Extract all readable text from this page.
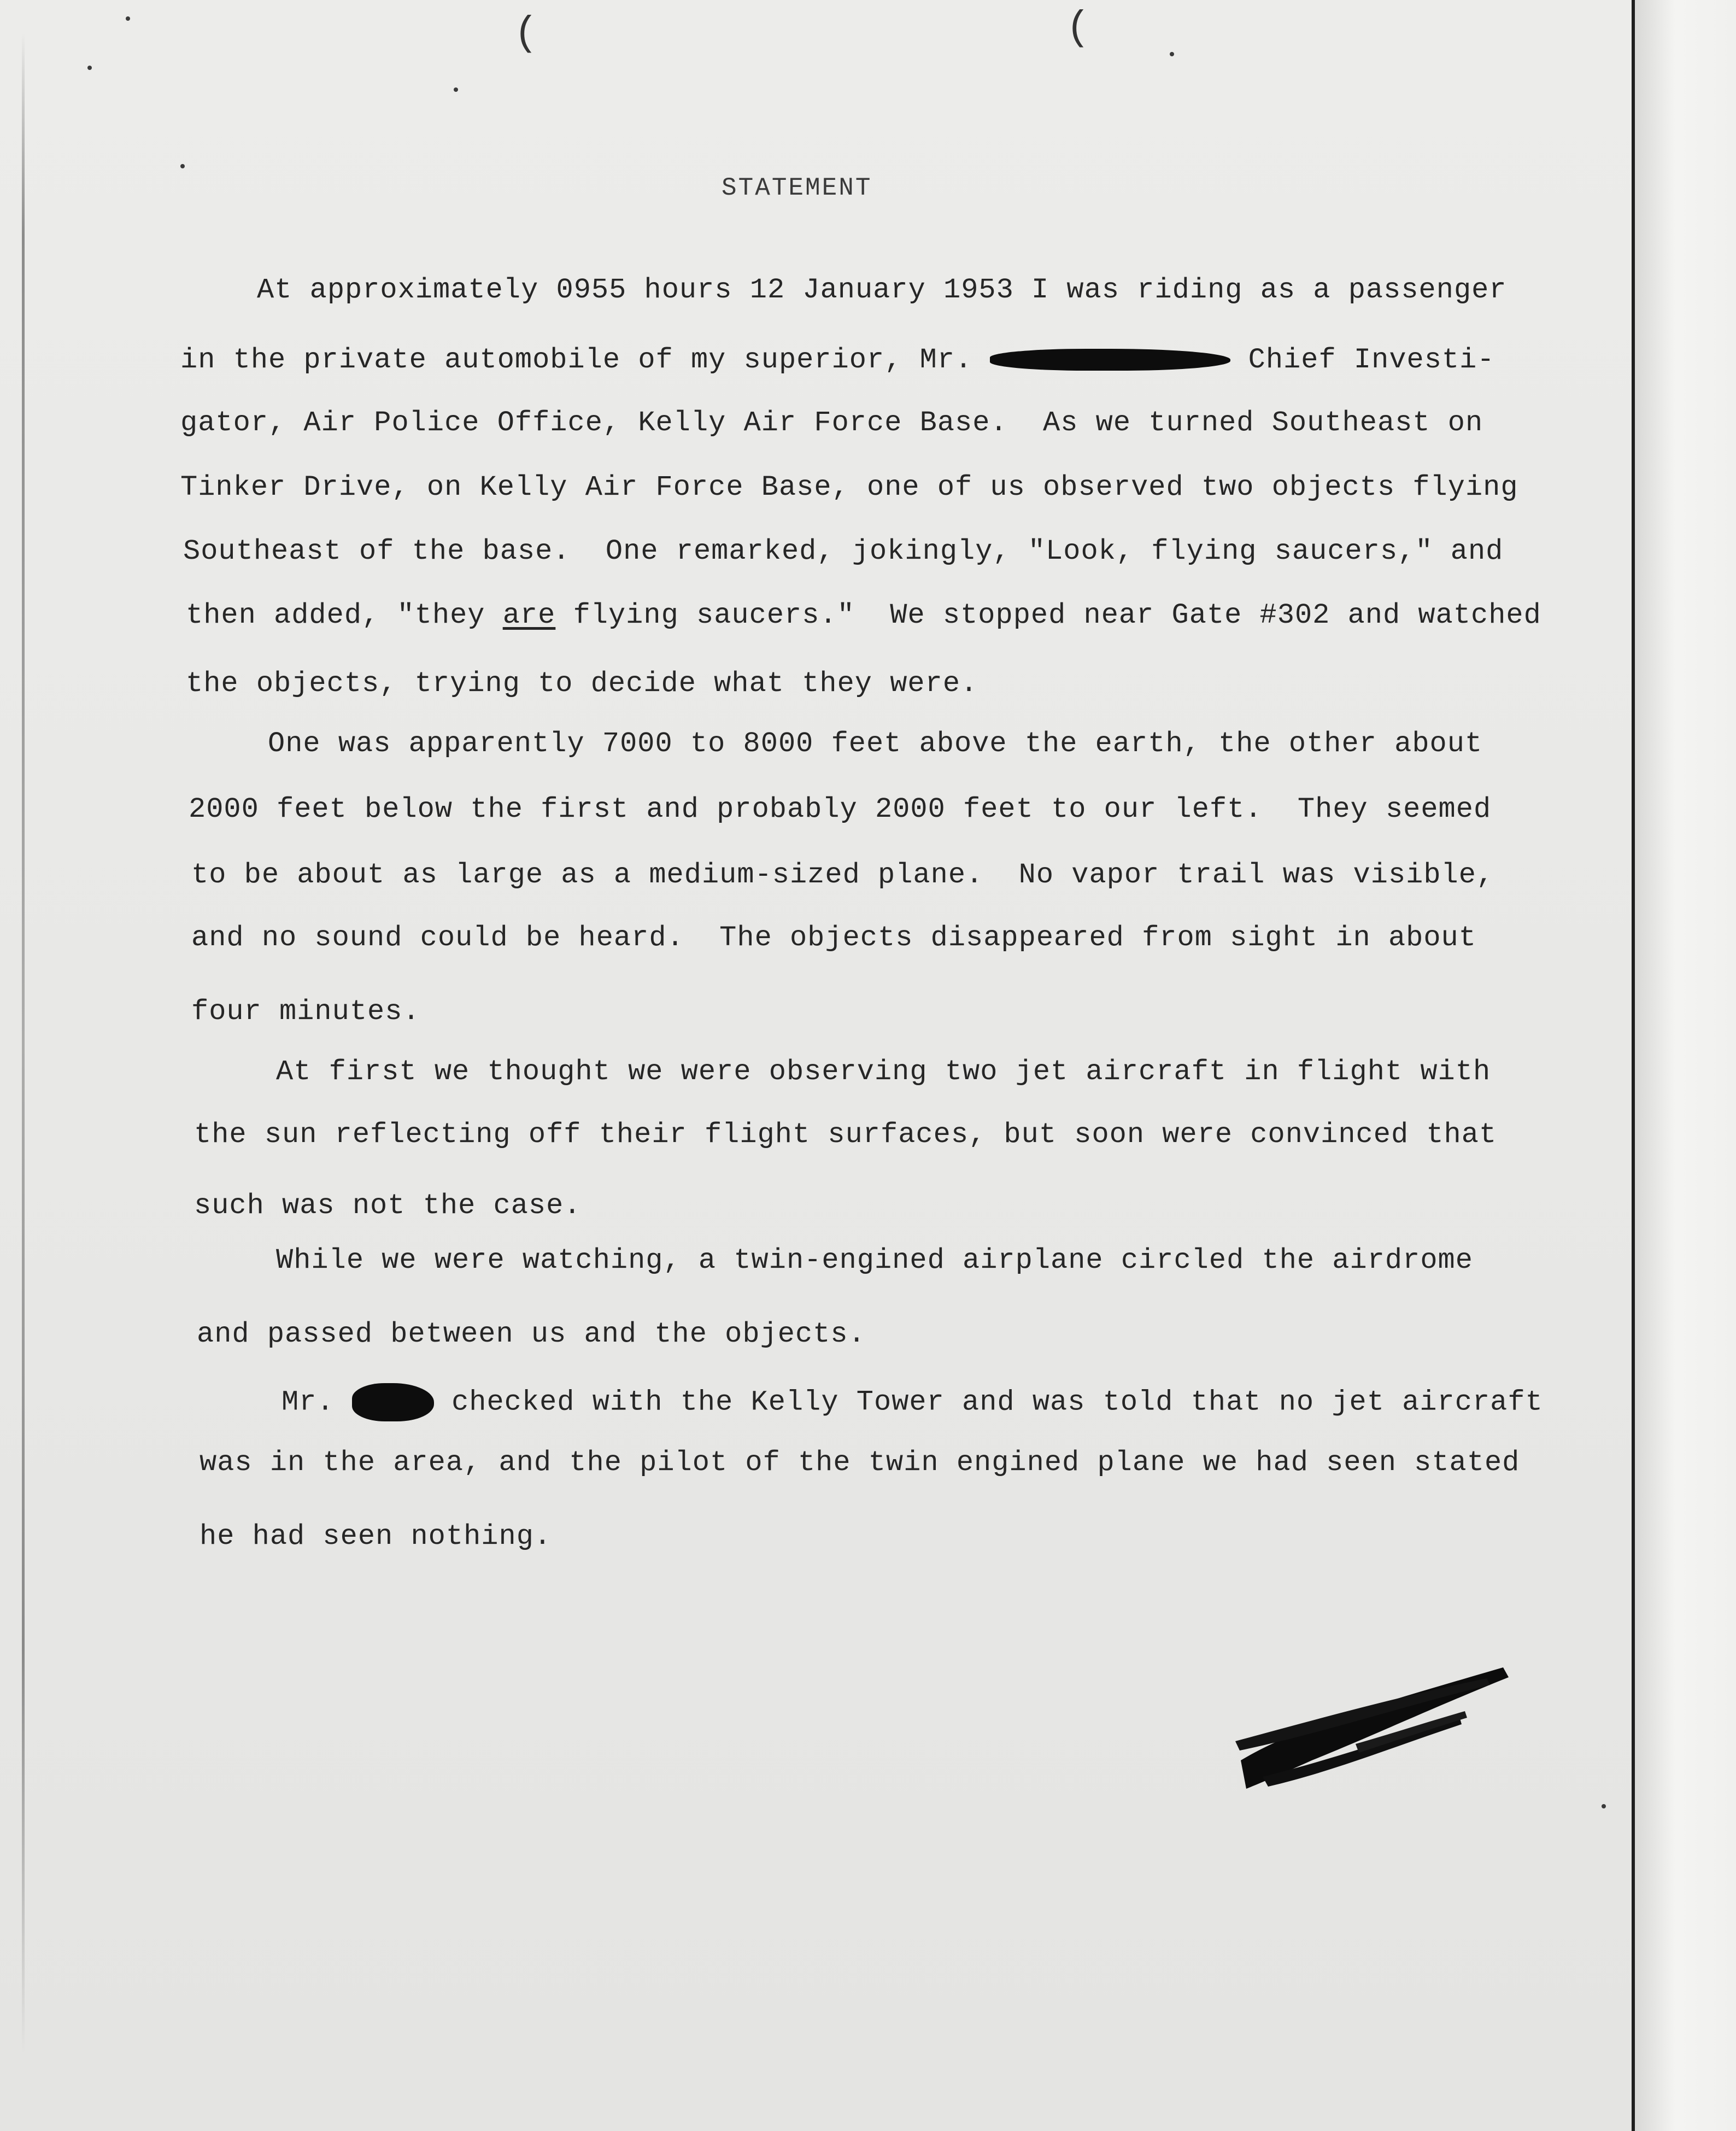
(	(
STATEMENT
At approximately 0955 hours 12 January 1953 I was riding as a passenger
in the private automobile of my superior, Mr.	Chief Investi-
gator, Air Police Office, Kelly Air Force Base.  As we turned Southeast on
Tinker Drive, on Kelly Air Force Base, one of us observed two objects flying
Southeast of the base.  One remarked, jokingly, "Look, flying saucers," and
then added, "they are flying saucers."  We stopped near Gate #302 and watched
the objects, trying to decide what they were.
One was apparently 7000 to 8000 feet above the earth, the other about
2000 feet below the first and probably 2000 feet to our left.  They seemed
to be about as large as a medium-sized plane.  No vapor trail was visible,
and no sound could be heard.  The objects disappeared from sight in about
four minutes.
At first we thought we were observing two jet aircraft in flight with
the sun reflecting off their flight surfaces, but soon were convinced that
such was not the case.
While we were watching, a twin-engined airplane circled the airdrome
and passed between us and the objects.
Mr.	checked with the Kelly Tower and was told that no jet aircraft
was in the area, and the pilot of the twin engined plane we had seen stated
he had seen nothing.
